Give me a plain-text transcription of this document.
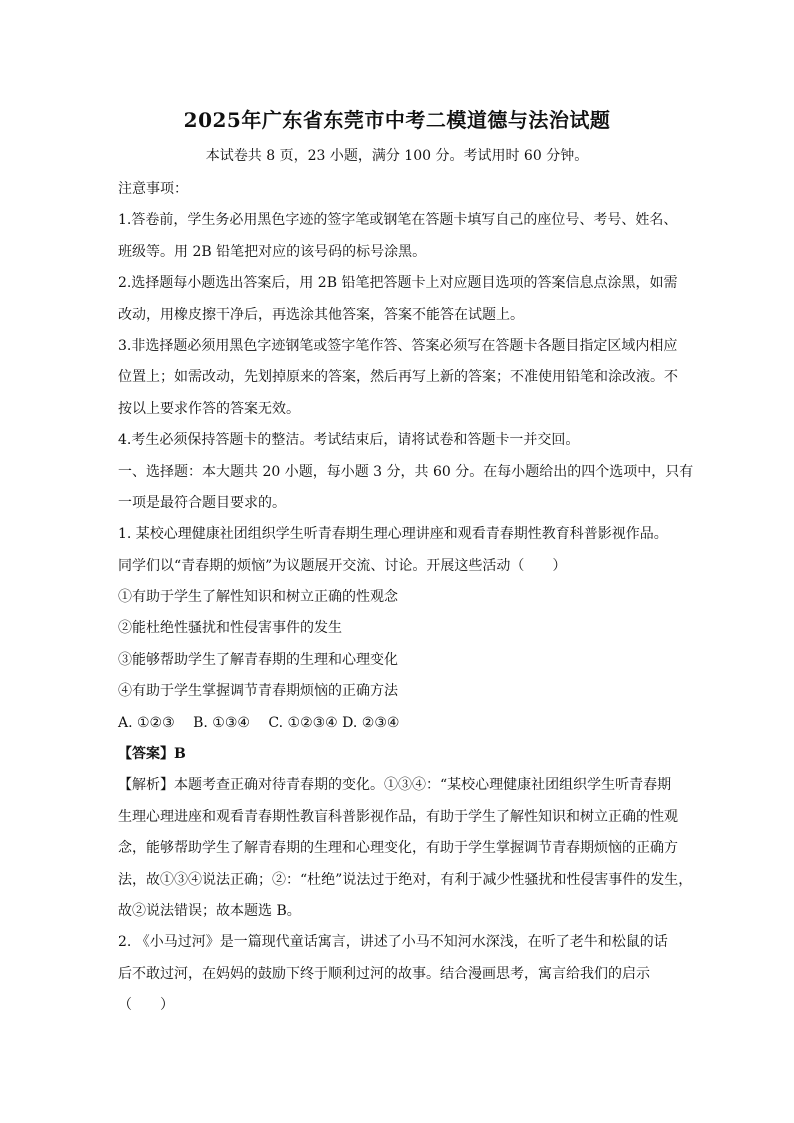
2025年广东省东莞市中考二模道德与法治试题
本试卷共 8 页，23 小题，满分 100 分。考试用时 60 分钟。
注意事项：
1.答卷前，学生务必用黑色字迹的签字笔或钢笔在答题卡填写自己的座位号、考号、姓名、
班级等。用 2B 铅笔把对应的该号码的标号涂黑。
2.选择题每小题选出答案后，用 2B 铅笔把答题卡上对应题目选项的答案信息点涂黑，如需
改动，用橡皮擦干净后，再选涂其他答案，答案不能答在试题上。
3.非选择题必须用黑色字迹钢笔或签字笔作答、答案必须写在答题卡各题目指定区域内相应
位置上；如需改动，先划掉原来的答案，然后再写上新的答案；不准使用铅笔和涂改液。不
按以上要求作答的答案无效。
4.考生必须保持答题卡的整洁。考试结束后，请将试卷和答题卡一并交回。
一、选择题：本大题共 20 小题，每小题 3 分，共 60 分。在每小题给出的四个选项中，只有
一项是最符合题目要求的。
1. 某校心理健康社团组织学生听青春期生理心理讲座和观看青春期性教育科普影视作品。
同学们以“青春期的烦恼”为议题展开交流、讨论。开展这些活动（　　）
①有助于学生了解性知识和树立正确的性观念
②能杜绝性骚扰和性侵害事件的发生
③能够帮助学生了解青春期的生理和心理变化
④有助于学生掌握调节青春期烦恼的正确方法
A. ①②③　 B. ①③④　 C. ①②③④ D. ②③④
【答案】B
【解析】本题考查正确对待青春期的变化。①③④：“某校心理健康社团组织学生听青春期
生理心理进座和观看青春期性教盲科普影视作品，有助于学生了解性知识和树立正确的性观
念，能够帮助学生了解青春期的生理和心理变化，有助于学生掌握调节青春期烦恼的正确方
法，故①③④说法正确；②：“杜绝”说法过于绝对，有利于减少性骚扰和性侵害事件的发生，
故②说法错误；故本题选 B。
2. 《小马过河》是一篇现代童话寓言，讲述了小马不知河水深浅，在听了老牛和松鼠的话
后不敢过河，在妈妈的鼓励下终于顺利过河的故事。结合漫画思考，寓言给我们的启示
（　　）
